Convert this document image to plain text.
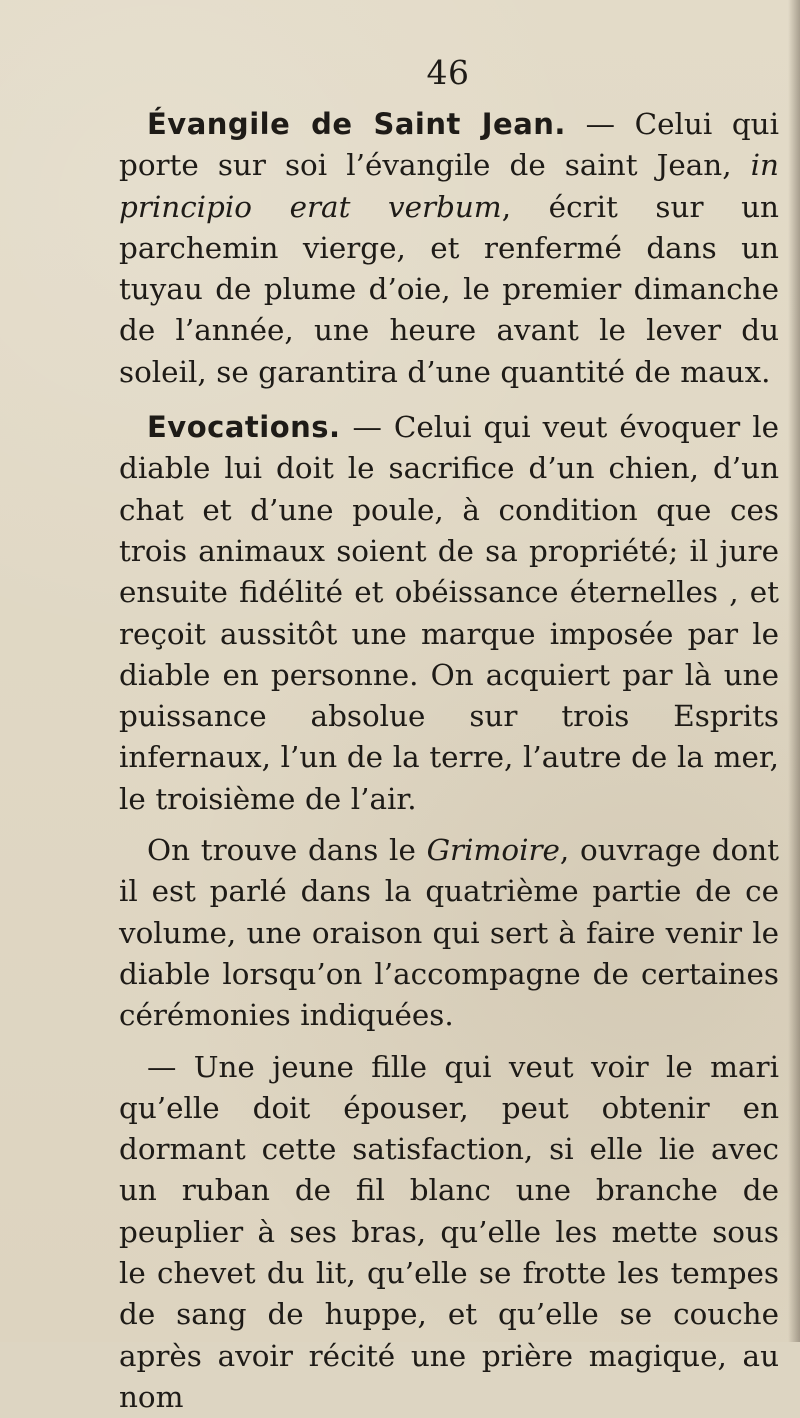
46

Évangile de Saint Jean. — Celui qui porte sur soi l’évangile de saint Jean, in principio erat verbum, écrit sur un parchemin vierge, et renfermé dans un tuyau de plume d’oie, le premier dimanche de l’année, une heure avant le lever du soleil, se garantira d’une quantité de maux.

Evocations. — Celui qui veut évoquer le diable lui doit le sacrifice d’un chien, d’un chat et d’une poule, à condition que ces trois animaux soient de sa propriété; il jure ensuite fidélité et obéissance éternelles , et reçoit aussitôt une marque imposée par le diable en personne. On acquiert par là une puissance absolue sur trois Esprits infernaux, l’un de la terre, l’autre de la mer, le troisième de l’air.

On trouve dans le Grimoire, ouvrage dont il est parlé dans la quatrième partie de ce volume, une oraison qui sert à faire venir le diable lorsqu’on l’accompagne de certaines cérémonies indiquées.

— Une jeune fille qui veut voir le mari qu’elle doit épouser, peut obtenir en dormant cette satisfaction, si elle lie avec un ruban de fil blanc une branche de peuplier à ses bras, qu’elle les mette sous le chevet du lit, qu’elle se frotte les tempes de sang de huppe, et qu’elle se couche après avoir récité une prière magique, au nom
